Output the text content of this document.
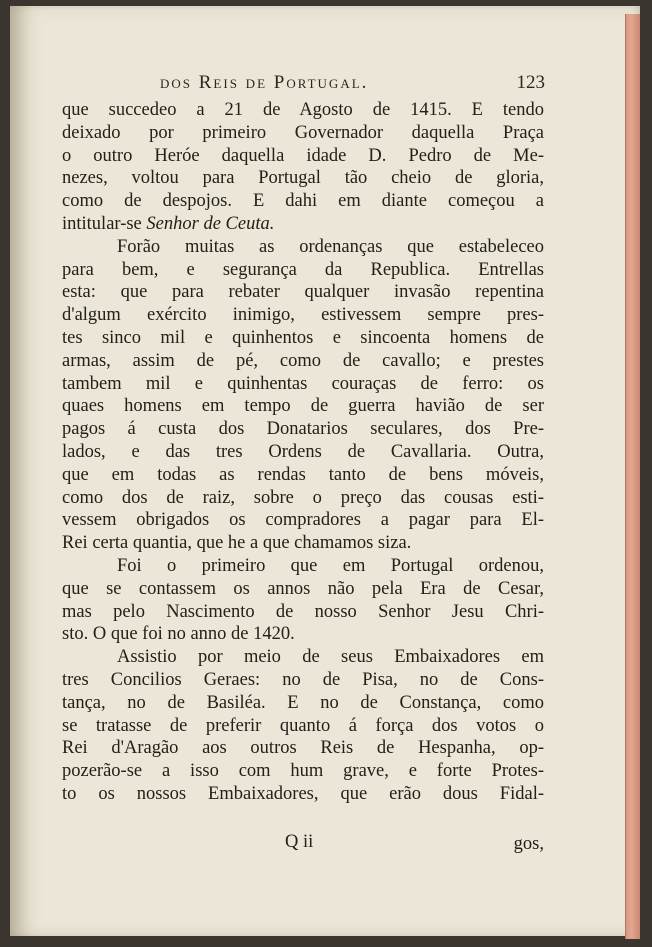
dos Reis de Portugal.	123
que succedeo a 21 de Agosto de 1415. E tendo
deixado por primeiro Governador daquella Praça
o outro Heróe daquella idade D. Pedro de Me-
nezes, voltou para Portugal tão cheio de gloria,
como de despojos. E dahi em diante começou a
intitular-se Senhor de Ceuta.
Forão muitas as ordenanças que estabeleceo
para bem, e segurança da Republica. Entrellas
esta: que para rebater qualquer invasão repentina
d'algum exército inimigo, estivessem sempre pres-
tes sinco mil e quinhentos e sincoenta homens de
armas, assim de pé, como de cavallo; e prestes
tambem mil e quinhentas couraças de ferro: os
quaes homens em tempo de guerra havião de ser
pagos á custa dos Donatarios seculares, dos Pre-
lados, e das tres Ordens de Cavallaria. Outra,
que em todas as rendas tanto de bens móveis,
como dos de raiz, sobre o preço das cousas esti-
vessem obrigados os compradores a pagar para El-
Rei certa quantia, que he a que chamamos siza.
Foi o primeiro que em Portugal ordenou,
que se contassem os annos não pela Era de Cesar,
mas pelo Nascimento de nosso Senhor Jesu Chri-
sto. O que foi no anno de 1420.
Assistio por meio de seus Embaixadores em
tres Concilios Geraes: no de Pisa, no de Cons-
tança, no de Basiléa. E no de Constança, como
se tratasse de preferir quanto á força dos votos o
Rei d'Aragão aos outros Reis de Hespanha, op-
pozerão-se a isso com hum grave, e forte Protes-
to os nossos Embaixadores, que erão dous Fidal-
Q ii	gos,
